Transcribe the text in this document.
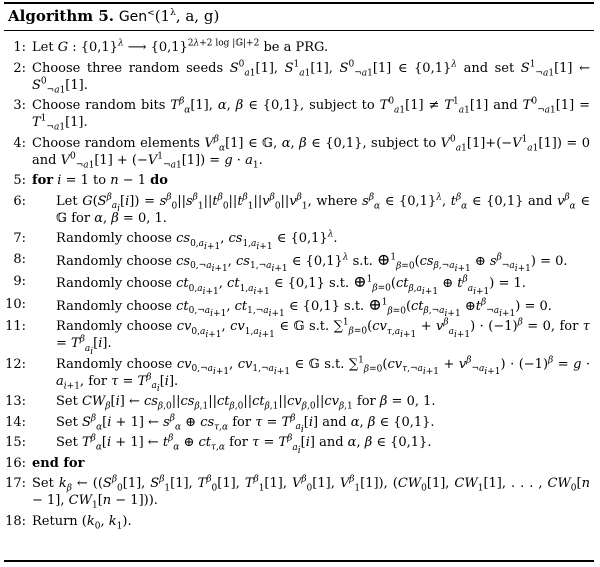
Algorithm 5. $Gen^<(1^\lambda$, a, g)
1: Let G : $\{0,1\}^\lambda$ ⟶ $\{0,1\}^{2\lambda+2 log |𝔾|+2}$ be a PRG.
2: Choose three random seeds $S^0_{a1}[1]$, $S^1_{a1}[1]$, $S^0_{\neg a1}[1]$ ∈ $\{0,1\}^\lambda$ and set $S^1_{\neg a1}[1]$ ← $S^0_{\neg a1}[1]$.
3: Choose random bits $T^\beta_\alpha[1]$, α, β ∈ {0,1}, subject to $T^0_{a1}[1] \ne T^1_{a1}[1]$ and $T^0_{\neg a1}[1] = T^1_{\neg a1}[1]$.
4: Choose random elements $V^\beta_\alpha[1]$ ∈ 𝔾, α, β ∈ {0,1}, subject to $V^0_{a1}[1]+(-V^1_{a1}[1]) = 0$ and $V^0_{\neg a1}[1] + (-V^1_{\neg a1}[1]) = g \cdot a_1$.
5: for i = 1 to n − 1 do
6:	Let $G(S^\beta_{a_i}[i]) = s^\beta_0||s^\beta_1||t^\beta_0||t^\beta_1||v^\beta_0||v^\beta_1$, where $s^\beta_\alpha$ ∈ $\{0,1\}^\lambda$, $t^\beta_\alpha$ ∈ {0,1} and $v^\beta_\alpha$ ∈ 𝔾 for α, β = 0, 1.
7:	Randomly choose $cs_{0,a_{i+1}}$, $cs_{1,a_{i+1}}$ ∈ $\{0,1\}^\lambda$.
8:	Randomly choose $cs_{0,\neg a_{i+1}}$, $cs_{1,\neg a_{i+1}}$ ∈ $\{0,1\}^\lambda$ s.t. $\oplus^1_{\beta=0}(cs_{\beta,\neg a_{i+1}}$ ⊕ $s^\beta_{\neg a_{i+1}}) = 0$.
9:	Randomly choose $ct_{0,a_{i+1}}$, $ct_{1,a_{i+1}}$ ∈ {0,1} s.t. $\oplus^1_{\beta=0}(ct_{\beta,a_{i+1}}$ ⊕ $t^\beta_{a_{i+1}}) = 1$.
10:	Randomly choose $ct_{0,\neg a_{i+1}}$, $ct_{1,\neg a_{i+1}}$ ∈ {0,1} s.t. $\oplus^1_{\beta=0}(ct_{\beta,\neg a_{i+1}}$ $\oplus t^\beta_{\neg a_{i+1}}) = 0$.
11:	Randomly choose $cv_{0,a_{i+1}}$, $cv_{1,a_{i+1}}$ ∈ 𝔾 s.t. $\sum^1_{\beta=0}(cv_{\tau,a_{i+1}} + v^\beta_{a_{i+1}}) \cdot (-1)^\beta = 0$, for $\tau = T^\beta_{a_i}[i]$.
12:	Randomly choose $cv_{0,\neg a_{i+1}}$, $cv_{1,\neg a_{i+1}}$ ∈ 𝔾 s.t. $\sum^1_{\beta=0}(cv_{\tau,\neg a_{i+1}} + v^\beta_{\neg a_{i+1}}) \cdot (-1)^\beta = g \cdot a_{i+1}$, for $\tau = T^\beta_{a_i}[i]$.
13:	Set $CW_\beta[i]$ ← $cs_{\beta,0}||cs_{\beta,1}||ct_{\beta,0}||ct_{\beta,1}||cv_{\beta,0}||cv_{\beta,1}$ for β = 0, 1.
14:	Set $S^\beta_\alpha[i + 1]$ ← $s^\beta_\alpha$ ⊕ $cs_{\tau,\alpha}$ for $\tau = T^\beta_{a_i}[i]$ and α, β ∈ {0,1}.
15:	Set $T^\beta_\alpha[i + 1]$ ← $t^\beta_\alpha$ ⊕ $ct_{\tau,\alpha}$ for $\tau = T^\beta_{a_i}[i]$ and α, β ∈ {0,1}.
16: end for
17: Set $k_\beta$ ← (($S^\beta_0[1]$, $S^\beta_1[1]$, $T^\beta_0[1]$, $T^\beta_1[1]$, $V^\beta_0[1]$, $V^\beta_1[1]$), ($CW_0[1]$, $CW_1[1]$, . . . , $CW_0[n - 1]$, $CW_1[n - 1]$)).
18: Return ($k_0$, $k_1$).
